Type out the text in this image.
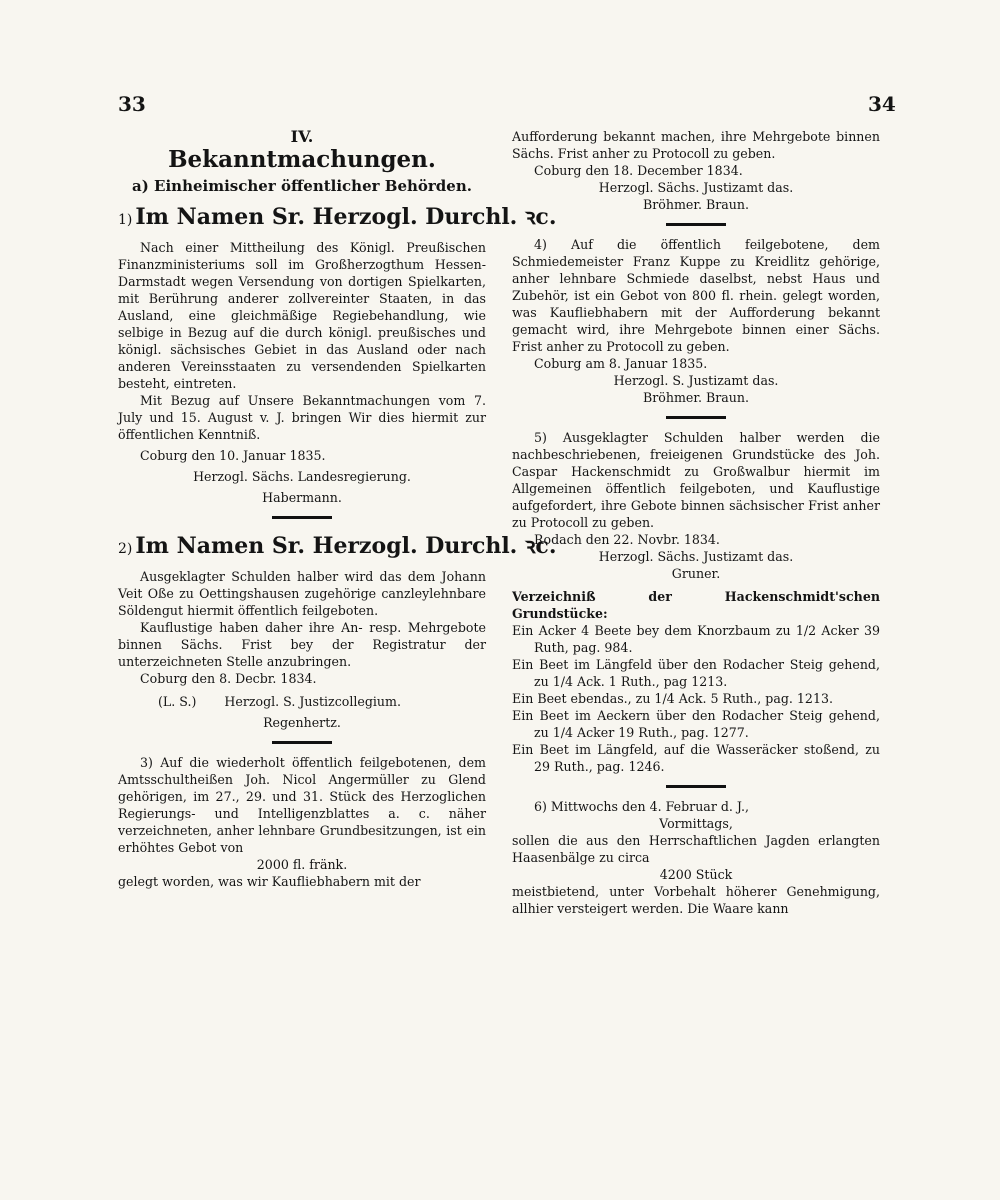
33	34
IV.
Bekanntmachungen.
a) Einheimischer öffentlicher Behörden.
1) Im Namen Sr. Herzogl. Durchl. ꝛc.

Nach einer Mittheilung des Königl. Preußischen Finanzministeriums soll im Großherzogthum Hessen-Darmstadt wegen Versendung von dortigen Spielkarten, mit Berührung anderer zollvereinter Staaten, in das Ausland, eine gleichmäßige Regiebehandlung, wie selbige in Bezug auf die durch königl. preußisches und königl. sächsisches Gebiet in das Ausland oder nach anderen Vereinsstaaten zu versendenden Spielkarten besteht, eintreten.

Mit Bezug auf Unsere Bekanntmachungen vom 7. July und 15. August v. J. bringen Wir dies hiermit zur öffentlichen Kenntniß.

Coburg den 10. Januar 1835.

Herzogl. Sächs. Landesregierung.

Habermann.

2) Im Namen Sr. Herzogl. Durchl. ꝛc.

Ausgeklagter Schulden halber wird das dem Johann Veit Oße zu Oettingshausen zugehörige canzleylehnbare Söldengut hiermit öffentlich feilgeboten.

Kauflustige haben daher ihre An- resp. Mehrgebote binnen Sächs. Frist bey der Registratur der unterzeichneten Stelle anzubringen.

Coburg den 8. Decbr. 1834.

(L. S.) Herzogl. S. Justizcollegium.

Regenhertz.

3) Auf die wiederholt öffentlich feilgebotenen, dem Amtsschultheißen Joh. Nicol Angermüller zu Glend gehörigen, im 27., 29. und 31. Stück des Herzoglichen Regierungs- und Intelligenzblattes a. c. näher verzeichneten, anher lehnbare Grundbesitzungen, ist ein erhöhtes Gebot von

2000 fl. fränk.

gelegt worden, was wir Kaufliebhabern mit der

Aufforderung bekannt machen, ihre Mehrgebote binnen Sächs. Frist anher zu Protocoll zu geben.

Coburg den 18. December 1834.

Herzogl. Sächs. Justizamt das.

Bröhmer. Braun.

4) Auf die öffentlich feilgebotene, dem Schmiedemeister Franz Kuppe zu Kreidlitz gehörige, anher lehnbare Schmiede daselbst, nebst Haus und Zubehör, ist ein Gebot von 800 fl. rhein. gelegt worden, was Kaufliebhabern mit der Aufforderung bekannt gemacht wird, ihre Mehrgebote binnen einer Sächs. Frist anher zu Protocoll zu geben.

Coburg am 8. Januar 1835.

Herzogl. S. Justizamt das.

Bröhmer. Braun.

5) Ausgeklagter Schulden halber werden die nachbeschriebenen, freieigenen Grundstücke des Joh. Caspar Hackenschmidt zu Großwalbur hiermit im Allgemeinen öffentlich feilgeboten, und Kauflustige aufgefordert, ihre Gebote binnen sächsischer Frist anher zu Protocoll zu geben.

Rodach den 22. Novbr. 1834.

Herzogl. Sächs. Justizamt das.

Gruner.

Verzeichniß der Hackenschmidt'schen Grundstücke:

Ein Acker 4 Beete bey dem Knorzbaum zu 1/2 Acker 39 Ruth, pag. 984.

Ein Beet im Längfeld über den Rodacher Steig gehend, zu 1/4 Ack. 1 Ruth., pag 1213.

Ein Beet ebendas., zu 1/4 Ack. 5 Ruth., pag. 1213.

Ein Beet im Aeckern über den Rodacher Steig gehend, zu 1/4 Acker 19 Ruth., pag. 1277.

Ein Beet im Längfeld, auf die Wasseräcker stoßend, zu 29 Ruth., pag. 1246.

6) Mittwochs den 4. Februar d. J.,

Vormittags,

sollen die aus den Herrschaftlichen Jagden erlangten Haasenbälge zu circa

4200 Stück

meistbietend, unter Vorbehalt höherer Genehmigung, allhier versteigert werden. Die Waare kann
